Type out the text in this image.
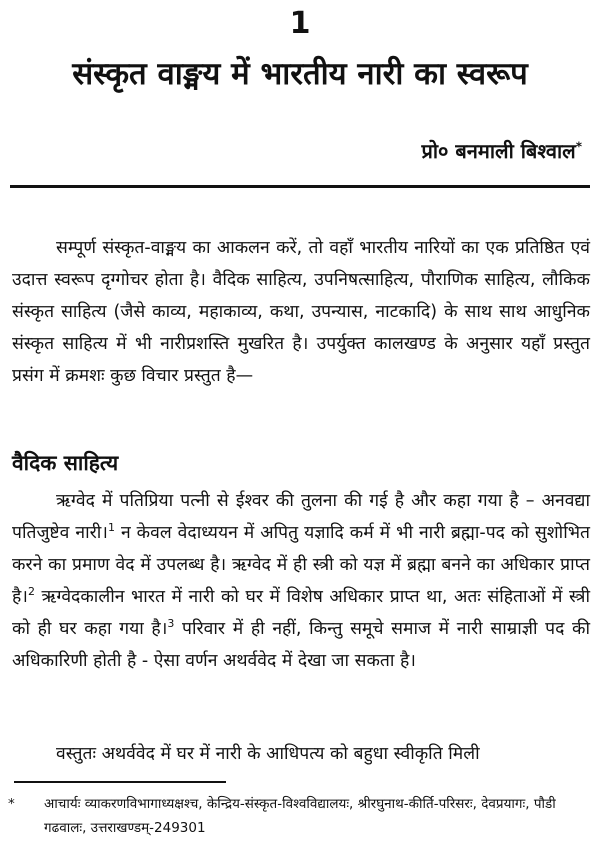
1
संस्कृत वाङ्मय में भारतीय नारी का स्वरूप
प्रो० बनमाली बिश्वाल*

सम्पूर्ण संस्कृत-वाङ्मय का आकलन करें, तो वहाँ भारतीय नारियों का एक प्रतिष्ठित एवं उदात्त स्वरूप दृग्गोचर होता है। वैदिक साहित्य, उपनिषत्साहित्य, पौराणिक साहित्य, लौकिक संस्कृत साहित्य (जैसे काव्य, महाकाव्य, कथा, उपन्यास, नाटकादि) के साथ साथ आधुनिक संस्कृत साहित्य में भी नारीप्रशस्ति मुखरित है। उपर्युक्त कालखण्ड के अनुसार यहाँ प्रस्तुत प्रसंग में क्रमशः कुछ विचार प्रस्तुत है—

वैदिक साहित्य

ऋग्वेद में पतिप्रिया पत्नी से ईश्वर की तुलना की गई है और कहा गया है – अनवद्या पतिजुष्टेव नारी।$^1$ न केवल वेदाध्ययन में अपितु यज्ञादि कर्म में भी नारी ब्रह्मा-पद को सुशोभित करने का प्रमाण वेद में उपलब्ध है। ऋग्वेद में ही स्त्री को यज्ञ में ब्रह्मा बनने का अधिकार प्राप्त है।$^2$ ऋग्वेदकालीन भारत में नारी को घर में विशेष अधिकार प्राप्त था, अतः संहिताओं में स्त्री को ही घर कहा गया है।$^3$ परिवार में ही नहीं, किन्तु समूचे समाज में नारी साम्राज्ञी पद की अधिकारिणी होती है - ऐसा वर्णन अथर्ववेद में देखा जा सकता है।

वस्तुतः अथर्ववेद में घर में नारी के आधिपत्य को बहुधा स्वीकृति मिली

* आचार्यः व्याकरणविभागाध्यक्षश्च, केन्द्रिय-संस्कृत-विश्वविद्यालयः, श्रीरघुनाथ-कीर्ति-परिसरः, देवप्रयागः, पौडी गढवालः, उत्तराखण्डम्-249301
